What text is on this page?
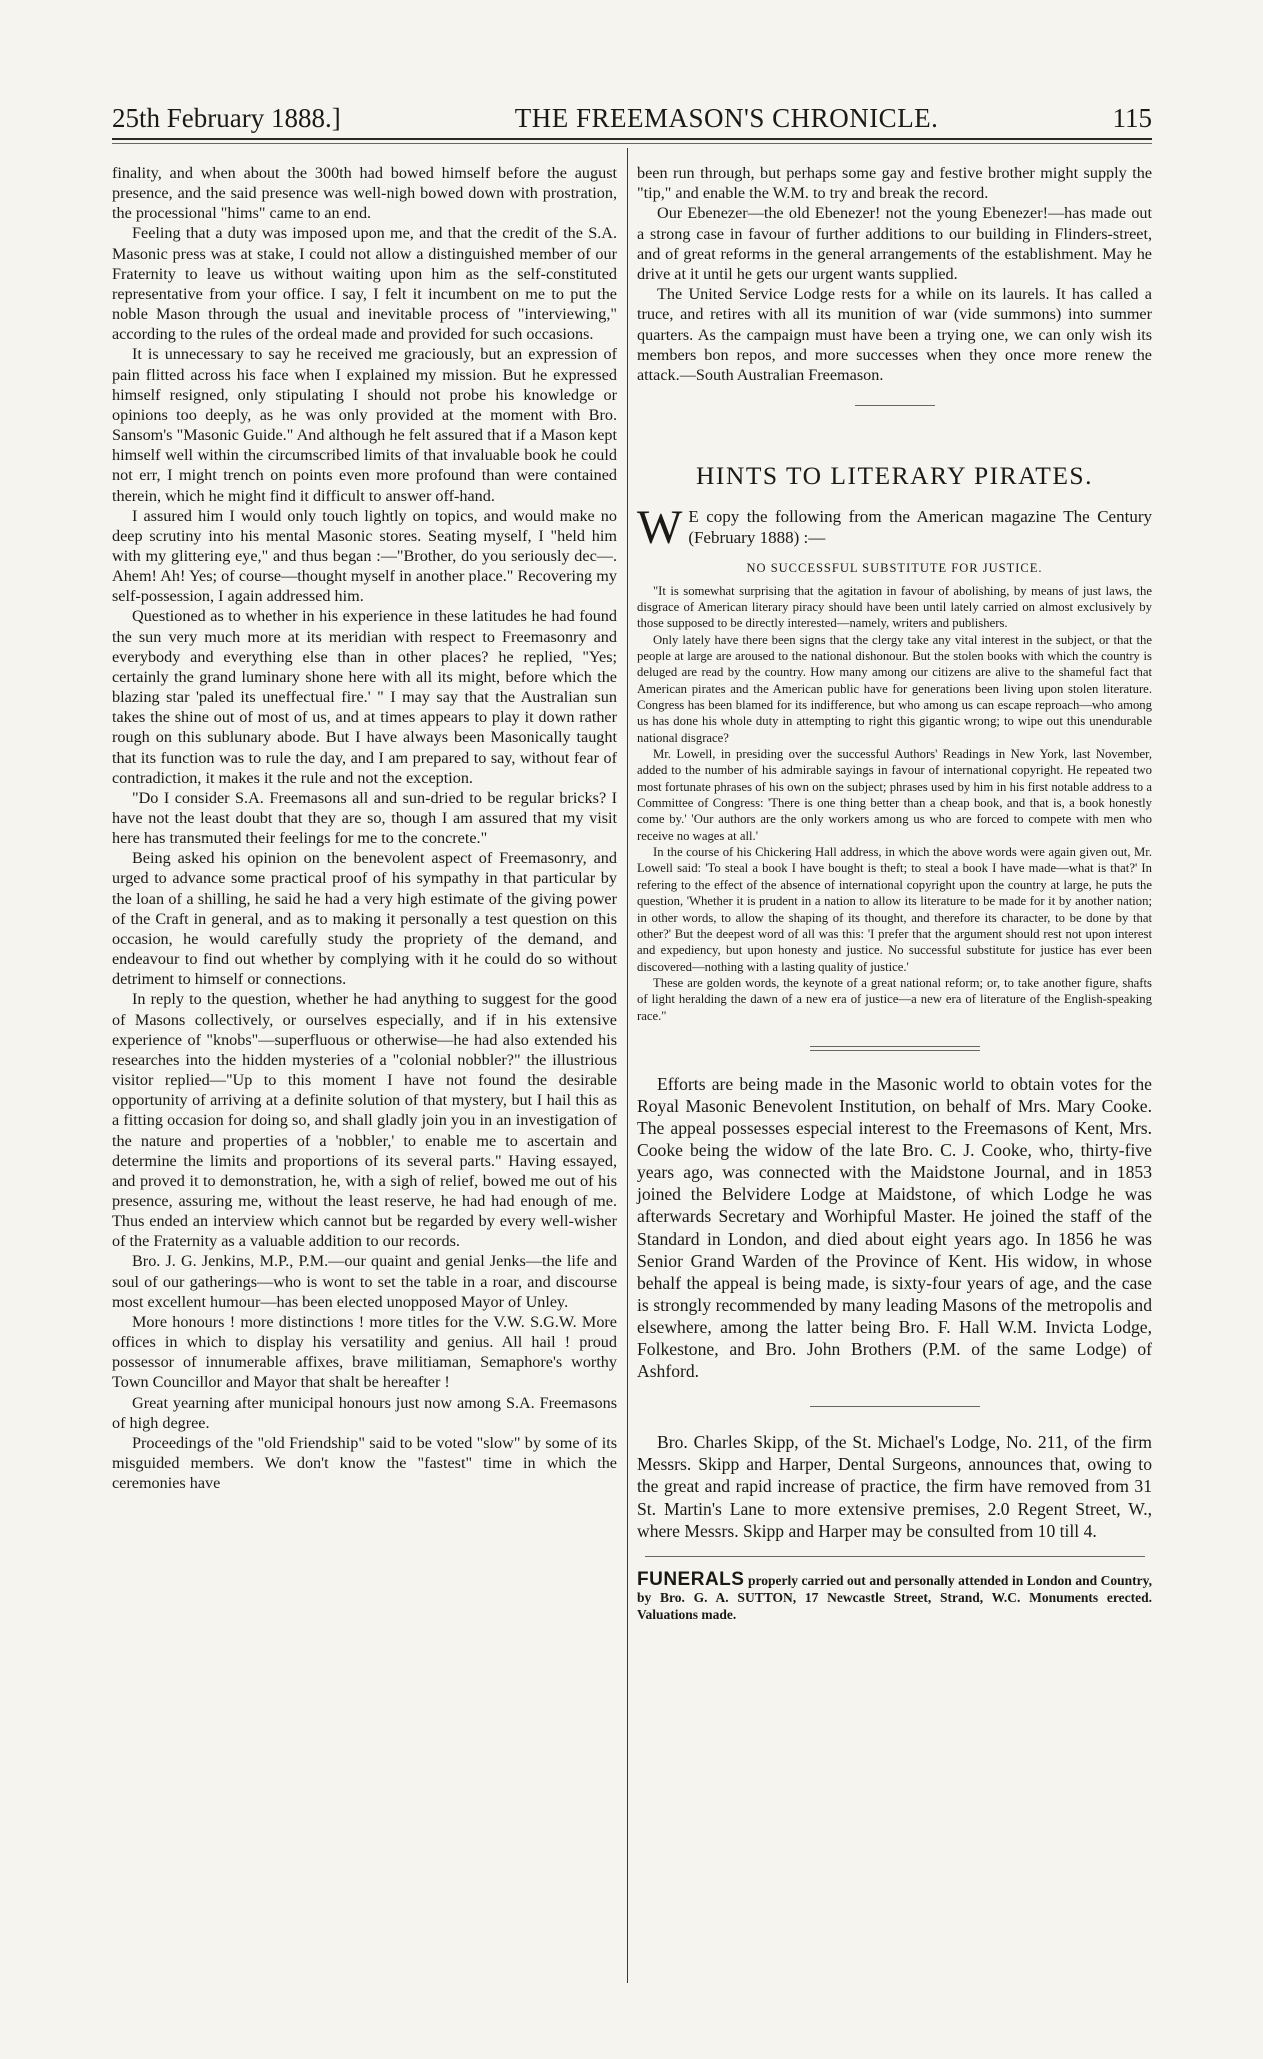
25th February 1888.]	THE FREEMASON'S CHRONICLE.	115

finality, and when about the 300th had bowed himself before the august presence, and the said presence was well-nigh bowed down with prostration, the processional "hims" came to an end.

Feeling that a duty was imposed upon me, and that the credit of the S.A. Masonic press was at stake, I could not allow a distinguished member of our Fraternity to leave us without waiting upon him as the self-constituted representative from your office. I say, I felt it incumbent on me to put the noble Mason through the usual and inevitable process of "interviewing," according to the rules of the ordeal made and provided for such occasions.

It is unnecessary to say he received me graciously, but an expression of pain flitted across his face when I explained my mission. But he expressed himself resigned, only stipulating I should not probe his knowledge or opinions too deeply, as he was only provided at the moment with Bro. Sansom's "Masonic Guide." And although he felt assured that if a Mason kept himself well within the circumscribed limits of that invaluable book he could not err, I might trench on points even more profound than were contained therein, which he might find it difficult to answer off-hand.

I assured him I would only touch lightly on topics, and would make no deep scrutiny into his mental Masonic stores. Seating myself, I "held him with my glittering eye," and thus began :—"Brother, do you seriously dec—. Ahem! Ah! Yes; of course—thought myself in another place." Recovering my self-possession, I again addressed him.

Questioned as to whether in his experience in these latitudes he had found the sun very much more at its meridian with respect to Freemasonry and everybody and everything else than in other places? he replied, "Yes; certainly the grand luminary shone here with all its might, before which the blazing star 'paled its uneffectual fire.' " I may say that the Australian sun takes the shine out of most of us, and at times appears to play it down rather rough on this sublunary abode. But I have always been Masonically taught that its function was to rule the day, and I am prepared to say, without fear of contradiction, it makes it the rule and not the exception.

"Do I consider S.A. Freemasons all and sun-dried to be regular bricks? I have not the least doubt that they are so, though I am assured that my visit here has transmuted their feelings for me to the concrete."

Being asked his opinion on the benevolent aspect of Freemasonry, and urged to advance some practical proof of his sympathy in that particular by the loan of a shilling, he said he had a very high estimate of the giving power of the Craft in general, and as to making it personally a test question on this occasion, he would carefully study the propriety of the demand, and endeavour to find out whether by complying with it he could do so without detriment to himself or connections.

In reply to the question, whether he had anything to suggest for the good of Masons collectively, or ourselves especially, and if in his extensive experience of "knobs"—superfluous or otherwise—he had also extended his researches into the hidden mysteries of a "colonial nobbler?" the illustrious visitor replied—"Up to this moment I have not found the desirable opportunity of arriving at a definite solution of that mystery, but I hail this as a fitting occasion for doing so, and shall gladly join you in an investigation of the nature and properties of a 'nobbler,' to enable me to ascertain and determine the limits and proportions of its several parts." Having essayed, and proved it to demonstration, he, with a sigh of relief, bowed me out of his presence, assuring me, without the least reserve, he had had enough of me. Thus ended an interview which cannot but be regarded by every well-wisher of the Fraternity as a valuable addition to our records.

Bro. J. G. Jenkins, M.P., P.M.—our quaint and genial Jenks—the life and soul of our gatherings—who is wont to set the table in a roar, and discourse most excellent humour—has been elected unopposed Mayor of Unley.

More honours ! more distinctions ! more titles for the V.W. S.G.W. More offices in which to display his versatility and genius. All hail ! proud possessor of innumerable affixes, brave militiaman, Semaphore's worthy Town Councillor and Mayor that shalt be hereafter !

Great yearning after municipal honours just now among S.A. Freemasons of high degree.

Proceedings of the "old Friendship" said to be voted "slow" by some of its misguided members. We don't know the "fastest" time in which the ceremonies have

been run through, but perhaps some gay and festive brother might supply the "tip," and enable the W.M. to try and break the record.

Our Ebenezer—the old Ebenezer! not the young Ebenezer!—has made out a strong case in favour of further additions to our building in Flinders-street, and of great reforms in the general arrangements of the establishment. May he drive at it until he gets our urgent wants supplied.

The United Service Lodge rests for a while on its laurels. It has called a truce, and retires with all its munition of war (vide summons) into summer quarters. As the campaign must have been a trying one, we can only wish its members bon repos, and more successes when they once more renew the attack.—South Australian Freemason.

HINTS TO LITERARY PIRATES.
W E copy the following from the American magazine The Century (February 1888) :—
NO SUCCESSFUL SUBSTITUTE FOR JUSTICE.

"It is somewhat surprising that the agitation in favour of abolishing, by means of just laws, the disgrace of American literary piracy should have been until lately carried on almost exclusively by those supposed to be directly interested—namely, writers and publishers.

Only lately have there been signs that the clergy take any vital interest in the subject, or that the people at large are aroused to the national dishonour. But the stolen books with which the country is deluged are read by the country. How many among our citizens are alive to the shameful fact that American pirates and the American public have for generations been living upon stolen literature. Congress has been blamed for its indifference, but who among us can escape reproach—who among us has done his whole duty in attempting to right this gigantic wrong; to wipe out this unendurable national disgrace?

Mr. Lowell, in presiding over the successful Authors' Readings in New York, last November, added to the number of his admirable sayings in favour of international copyright. He repeated two most fortunate phrases of his own on the subject; phrases used by him in his first notable address to a Committee of Congress: 'There is one thing better than a cheap book, and that is, a book honestly come by.' 'Our authors are the only workers among us who are forced to compete with men who receive no wages at all.'

In the course of his Chickering Hall address, in which the above words were again given out, Mr. Lowell said: 'To steal a book I have bought is theft; to steal a book I have made—what is that?' In refering to the effect of the absence of international copyright upon the country at large, he puts the question, 'Whether it is prudent in a nation to allow its literature to be made for it by another nation; in other words, to allow the shaping of its thought, and therefore its character, to be done by that other?' But the deepest word of all was this: 'I prefer that the argument should rest not upon interest and expediency, but upon honesty and justice. No successful substitute for justice has ever been discovered—nothing with a lasting quality of justice.'

These are golden words, the keynote of a great national reform; or, to take another figure, shafts of light heralding the dawn of a new era of justice—a new era of literature of the English-speaking race."

Efforts are being made in the Masonic world to obtain votes for the Royal Masonic Benevolent Institution, on behalf of Mrs. Mary Cooke. The appeal possesses especial interest to the Freemasons of Kent, Mrs. Cooke being the widow of the late Bro. C. J. Cooke, who, thirty-five years ago, was connected with the Maidstone Journal, and in 1853 joined the Belvidere Lodge at Maidstone, of which Lodge he was afterwards Secretary and Worhipful Master. He joined the staff of the Standard in London, and died about eight years ago. In 1856 he was Senior Grand Warden of the Province of Kent. His widow, in whose behalf the appeal is being made, is sixty-four years of age, and the case is strongly recommended by many leading Masons of the metropolis and elsewhere, among the latter being Bro. F. Hall W.M. Invicta Lodge, Folkestone, and Bro. John Brothers (P.M. of the same Lodge) of Ashford.

Bro. Charles Skipp, of the St. Michael's Lodge, No. 211, of the firm Messrs. Skipp and Harper, Dental Surgeons, announces that, owing to the great and rapid increase of practice, the firm have removed from 31 St. Martin's Lane to more extensive premises, 2.0 Regent Street, W., where Messrs. Skipp and Harper may be consulted from 10 till 4.

FUNERALS properly carried out and personally attended in London and Country, by Bro. G. A. SUTTON, 17 Newcastle Street, Strand, W.C. Monuments erected. Valuations made.
